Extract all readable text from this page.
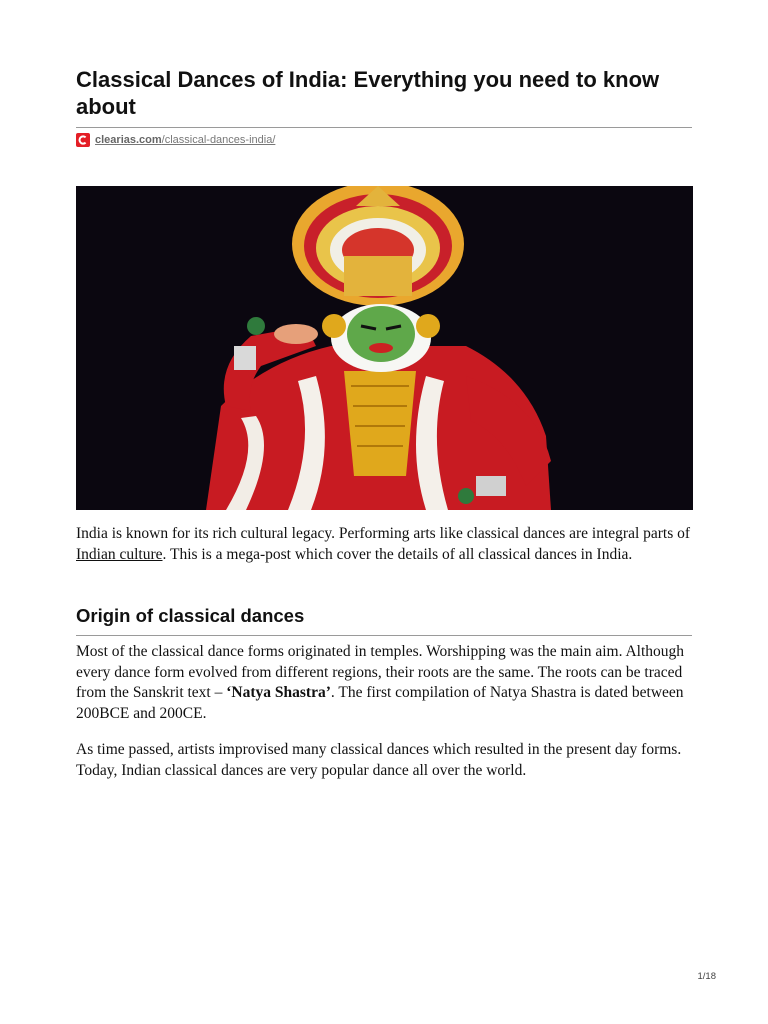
Classical Dances of India: Everything you need to know about
clearias.com/classical-dances-india/

India is known for its rich cultural legacy. Performing arts like classical dances are integral parts of Indian culture. This is a mega-post which cover the details of all classical dances in India.

Origin of classical dances

Most of the classical dance forms originated in temples. Worshipping was the main aim. Although every dance form evolved from different regions, their roots are the same. The roots can be traced from the Sanskrit text – ‘Natya Shastra’. The first compilation of Natya Shastra is dated between 200BCE and 200CE.

As time passed, artists improvised many classical dances which resulted in the present day forms. Today, Indian classical dances are very popular dance all over the world.

1/18
